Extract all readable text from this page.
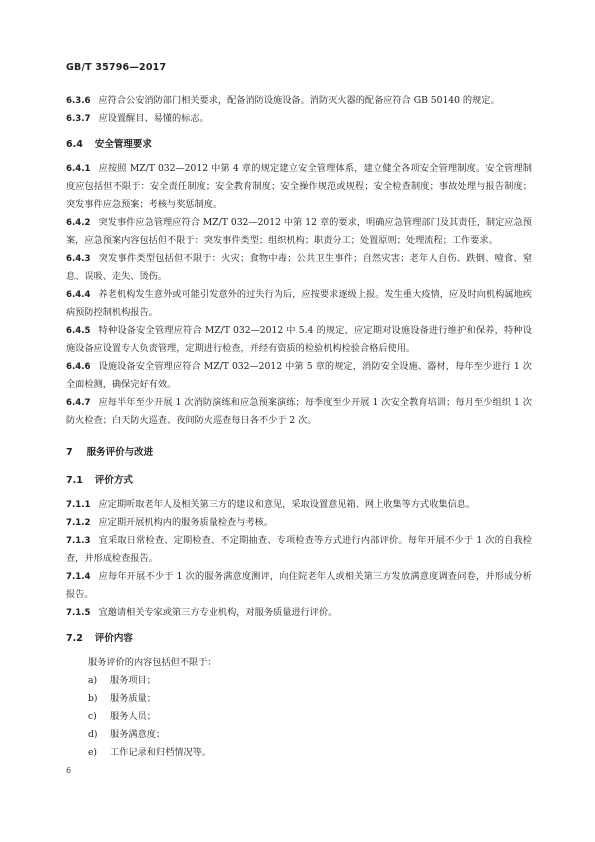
GB/T 35796—2017

6.3.6 应符合公安消防部门相关要求，配备消防设施设备。消防灭火器的配备应符合 GB 50140 的规定。

6.3.7 应设置醒目、易懂的标志。

6.4 安全管理要求

6.4.1 应按照 MZ/T 032—2012 中第 4 章的规定建立安全管理体系，建立健全各项安全管理制度。安全管理制度应包括但不限于：安全责任制度；安全教育制度；安全操作规范或规程；安全检查制度；事故处理与报告制度；突发事件应急预案；考核与奖惩制度。

6.4.2 突发事件应急管理应符合 MZ/T 032—2012 中第 12 章的要求，明确应急管理部门及其责任，制定应急预案，应急预案内容包括但不限于：突发事件类型；组织机构；职责分工；处置原则；处理流程；工作要求。

6.4.3 突发事件类型包括但不限于：火灾；食物中毒；公共卫生事件；自然灾害；老年人自伤、跌倒、噎食、窒息、误吸、走失、烫伤。

6.4.4 养老机构发生意外或可能引发意外的过失行为后，应按要求逐级上报。发生重大疫情，应及时向机构属地疾病预防控制机构报告。

6.4.5 特种设备安全管理应符合 MZ/T 032—2012 中 5.4 的规定，应定期对设施设备进行维护和保养，特种设施设备应设置专人负责管理，定期进行检查，并经有资质的检验机构检验合格后使用。

6.4.6 设施设备安全管理应符合 MZ/T 032—2012 中第 5 章的规定，消防安全设施、器材，每年至少进行 1 次全面检测，确保完好有效。

6.4.7 应每半年至少开展 1 次消防演练和应急预案演练；每季度至少开展 1 次安全教育培训；每月至少组织 1 次防火检查；白天防火巡查、夜间防火巡查每日各不少于 2 次。

7 服务评价与改进
7.1 评价方式

7.1.1 应定期听取老年人及相关第三方的建议和意见，采取设置意见箱、网上收集等方式收集信息。

7.1.2 应定期开展机构内的服务质量检查与考核。

7.1.3 宜采取日常检查、定期检查、不定期抽查、专项检查等方式进行内部评价。每年开展不少于 1 次的自我检查，并形成检查报告。

7.1.4 应每年开展不少于 1 次的服务满意度测评，向住院老年人或相关第三方发放满意度调查问卷，并形成分析报告。

7.1.5 宜邀请相关专家或第三方专业机构，对服务质量进行评价。

7.2 评价内容

服务评价的内容包括但不限于：

a) 服务项目；
b) 服务质量；
c) 服务人员；
d) 服务满意度；
e) 工作记录和归档情况等。
6
